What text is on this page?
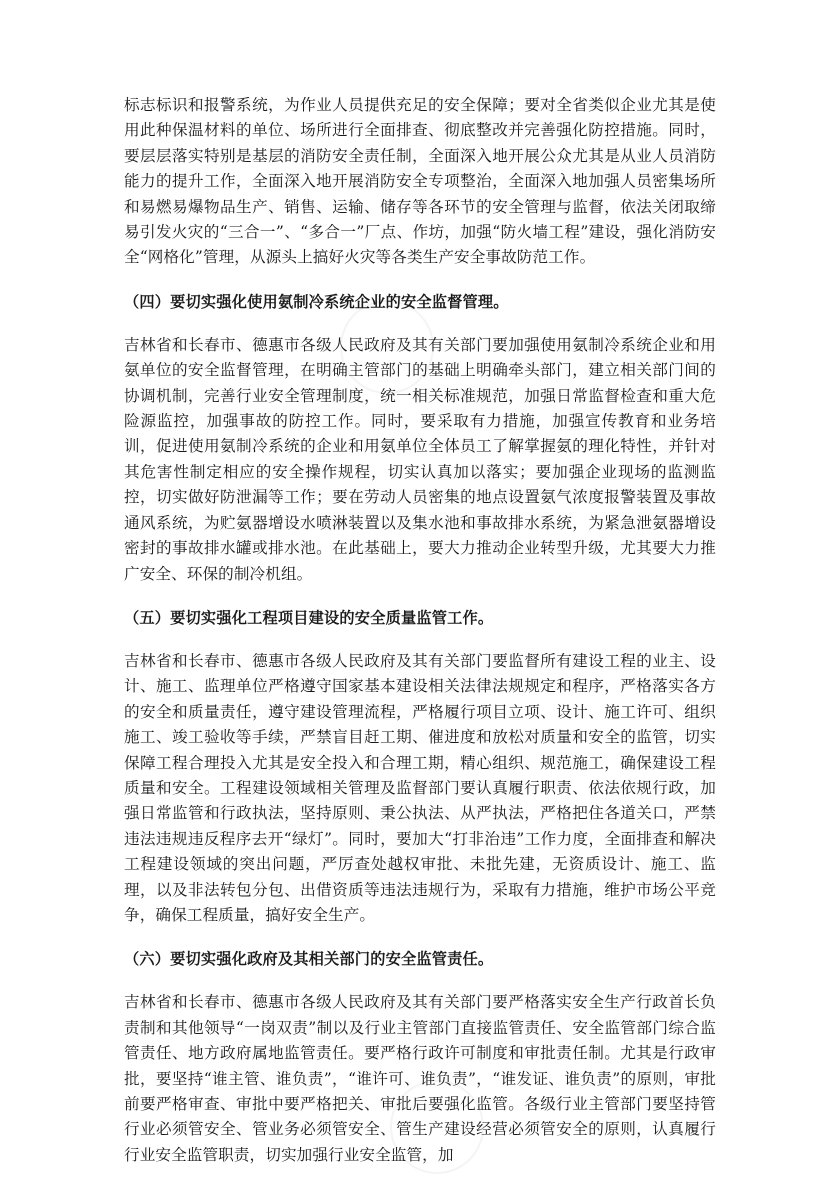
标志标识和报警系统，为作业人员提供充足的安全保障；要对全省类似企业尤其是使用此种保温材料的单位、场所进行全面排查、彻底整改并完善强化防控措施。同时，要层层落实特别是基层的消防安全责任制，全面深入地开展公众尤其是从业人员消防能力的提升工作，全面深入地开展消防安全专项整治，全面深入地加强人员密集场所和易燃易爆物品生产、销售、运输、储存等各环节的安全管理与监督，依法关闭取缔易引发火灾的“三合一”、“多合一”厂点、作坊，加强“防火墙工程”建设，强化消防安全“网格化”管理，从源头上搞好火灾等各类生产安全事故防范工作。

（四）要切实强化使用氨制冷系统企业的安全监督管理。

吉林省和长春市、德惠市各级人民政府及其有关部门要加强使用氨制冷系统企业和用氨单位的安全监督管理，在明确主管部门的基础上明确牵头部门，建立相关部门间的协调机制，完善行业安全管理制度，统一相关标准规范，加强日常监督检查和重大危险源监控，加强事故的防控工作。同时，要采取有力措施，加强宣传教育和业务培训，促进使用氨制冷系统的企业和用氨单位全体员工了解掌握氨的理化特性，并针对其危害性制定相应的安全操作规程，切实认真加以落实；要加强企业现场的监测监控，切实做好防泄漏等工作；要在劳动人员密集的地点设置氨气浓度报警装置及事故通风系统，为贮氨器增设水喷淋装置以及集水池和事故排水系统，为紧急泄氨器增设密封的事故排水罐或排水池。在此基础上，要大力推动企业转型升级，尤其要大力推广安全、环保的制冷机组。

（五）要切实强化工程项目建设的安全质量监管工作。

吉林省和长春市、德惠市各级人民政府及其有关部门要监督所有建设工程的业主、设计、施工、监理单位严格遵守国家基本建设相关法律法规规定和程序，严格落实各方的安全和质量责任，遵守建设管理流程，严格履行项目立项、设计、施工许可、组织施工、竣工验收等手续，严禁盲目赶工期、催进度和放松对质量和安全的监管，切实保障工程合理投入尤其是安全投入和合理工期，精心组织、规范施工，确保建设工程质量和安全。工程建设领域相关管理及监督部门要认真履行职责、依法依规行政，加强日常监管和行政执法，坚持原则、秉公执法、从严执法，严格把住各道关口，严禁违法违规违反程序去开“绿灯”。同时，要加大“打非治违”工作力度，全面排查和解决工程建设领域的突出问题，严厉查处越权审批、未批先建，无资质设计、施工、监理，以及非法转包分包、出借资质等违法违规行为，采取有力措施，维护市场公平竞争，确保工程质量，搞好安全生产。

（六）要切实强化政府及其相关部门的安全监管责任。

吉林省和长春市、德惠市各级人民政府及其有关部门要严格落实安全生产行政首长负责制和其他领导“一岗双责”制以及行业主管部门直接监管责任、安全监管部门综合监管责任、地方政府属地监管责任。要严格行政许可制度和审批责任制。尤其是行政审批，要坚持“谁主管、谁负责”，“谁许可、谁负责”，“谁发证、谁负责”的原则，审批前要严格审查、审批中要严格把关、审批后要强化监管。各级行业主管部门要坚持管行业必须管安全、管业务必须管安全、管生产建设经营必须管安全的原则，认真履行行业安全监管职责，切实加强行业安全监管，加
